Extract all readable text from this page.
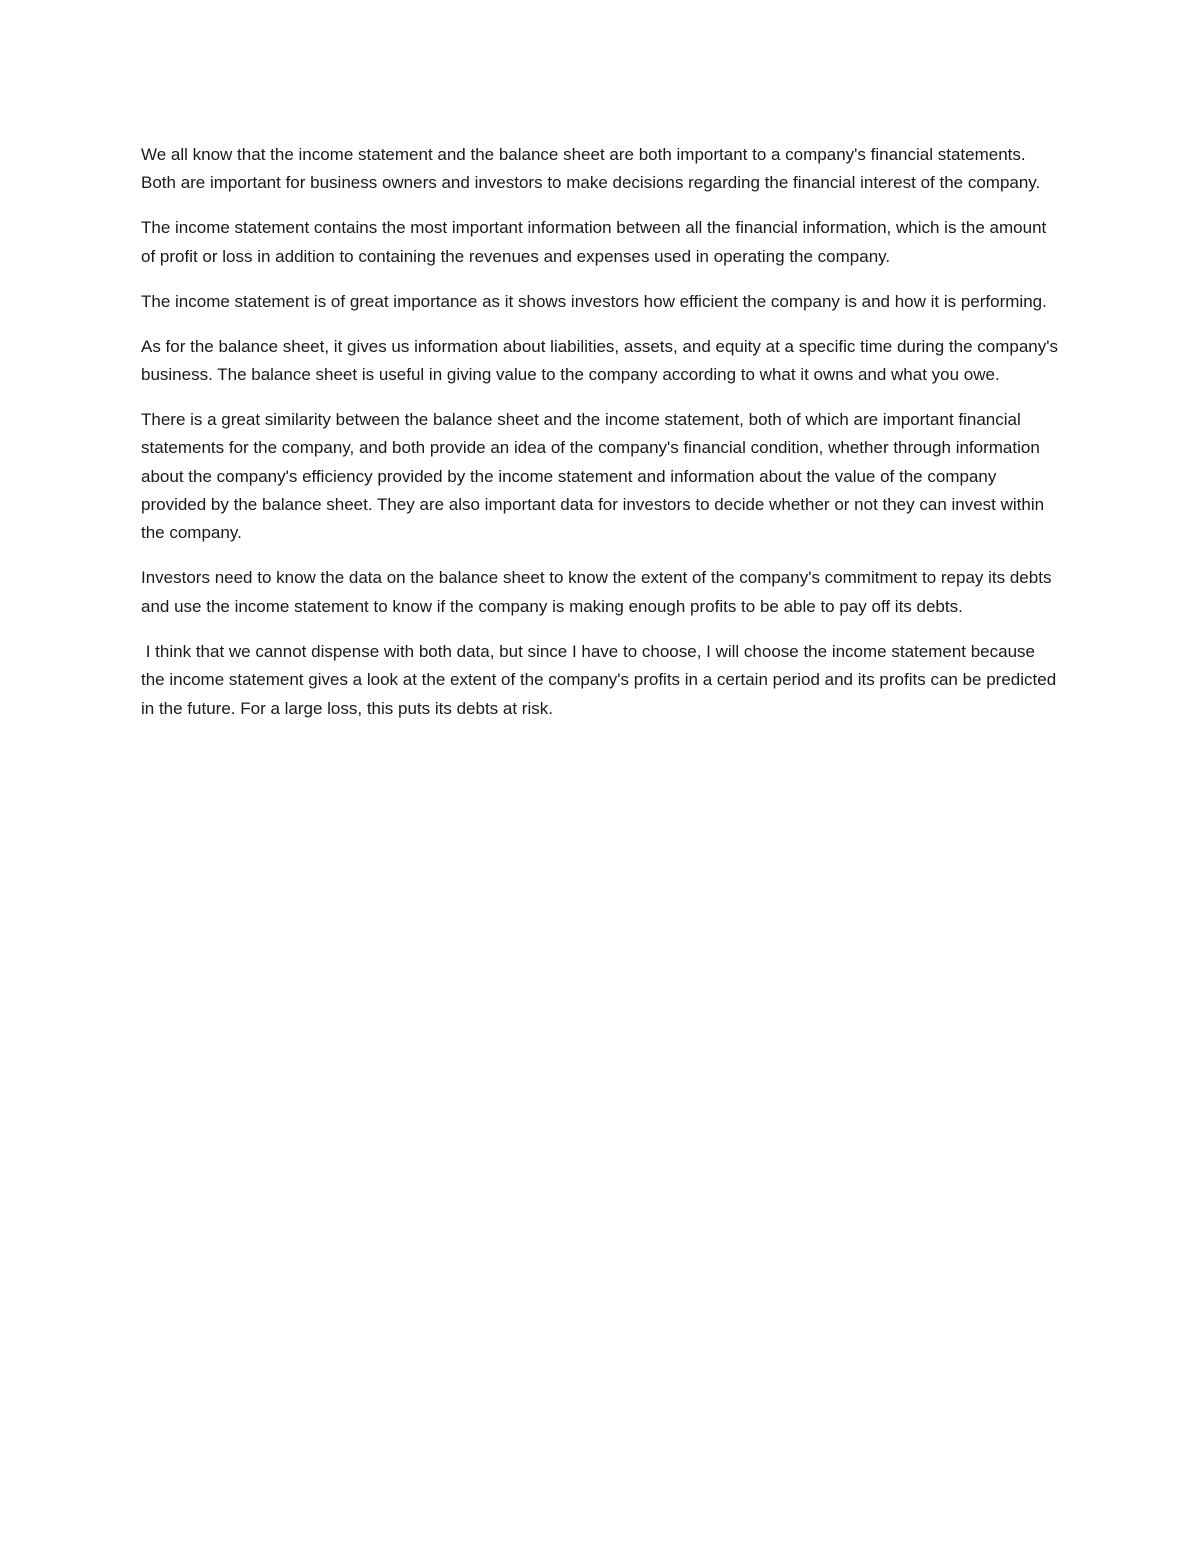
We all know that the income statement and the balance sheet are both important to a company's financial statements. Both are important for business owners and investors to make decisions regarding the financial interest of the company.

The income statement contains the most important information between all the financial information, which is the amount of profit or loss in addition to containing the revenues and expenses used in operating the company.

The income statement is of great importance as it shows investors how efficient the company is and how it is performing.

As for the balance sheet, it gives us information about liabilities, assets, and equity at a specific time during the company's business. The balance sheet is useful in giving value to the company according to what it owns and what you owe.

There is a great similarity between the balance sheet and the income statement, both of which are important financial statements for the company, and both provide an idea of the company's financial condition, whether through information about the company's efficiency provided by the income statement and information about the value of the company provided by the balance sheet. They are also important data for investors to decide whether or not they can invest within the company.

Investors need to know the data on the balance sheet to know the extent of the company's commitment to repay its debts and use the income statement to know if the company is making enough profits to be able to pay off its debts.

I think that we cannot dispense with both data, but since I have to choose, I will choose the income statement because the income statement gives a look at the extent of the company's profits in a certain period and its profits can be predicted in the future. For a large loss, this puts its debts at risk.
